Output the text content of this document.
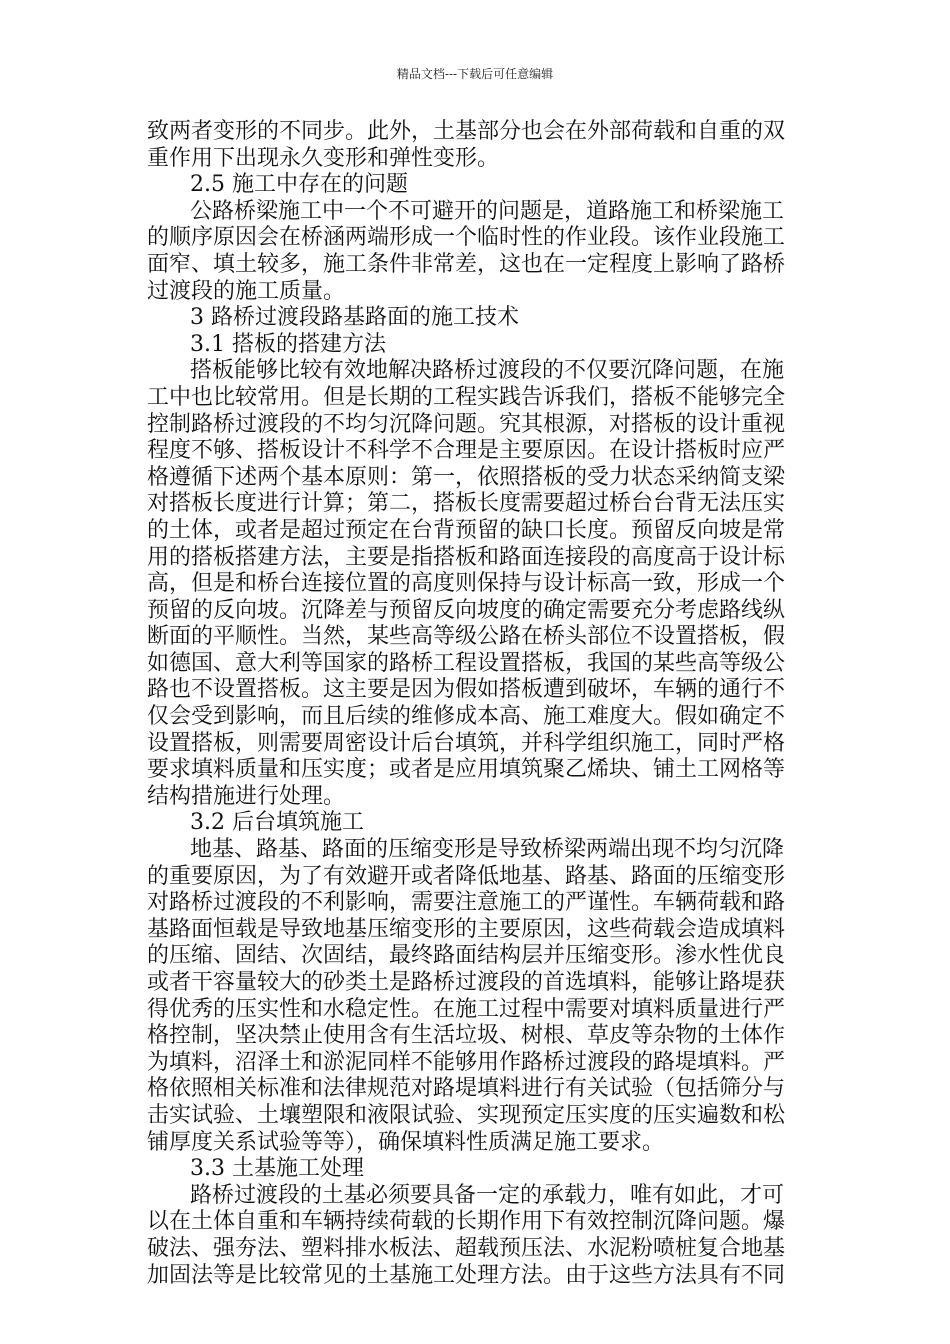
精品文档---下载后可任意编辑
致两者变形的不同步。此外，土基部分也会在外部荷载和自重的双
重作用下出现永久变形和弹性变形。
2.5 施工中存在的问题
公路桥梁施工中一个不可避开的问题是，道路施工和桥梁施工
的顺序原因会在桥涵两端形成一个临时性的作业段。该作业段施工
面窄、填土较多，施工条件非常差，这也在一定程度上影响了路桥
过渡段的施工质量。
3 路桥过渡段路基路面的施工技术
3.1 搭板的搭建方法
搭板能够比较有效地解决路桥过渡段的不仅要沉降问题，在施
工中也比较常用。但是长期的工程实践告诉我们，搭板不能够完全
控制路桥过渡段的不均匀沉降问题。究其根源，对搭板的设计重视
程度不够、搭板设计不科学不合理是主要原因。在设计搭板时应严
格遵循下述两个基本原则：第一，依照搭板的受力状态采纳简支梁
对搭板长度进行计算；第二，搭板长度需要超过桥台台背无法压实
的土体，或者是超过预定在台背预留的缺口长度。预留反向坡是常
用的搭板搭建方法，主要是指搭板和路面连接段的高度高于设计标
高，但是和桥台连接位置的高度则保持与设计标高一致，形成一个
预留的反向坡。沉降差与预留反向坡度的确定需要充分考虑路线纵
断面的平顺性。当然，某些高等级公路在桥头部位不设置搭板，假
如德国、意大利等国家的路桥工程设置搭板，我国的某些高等级公
路也不设置搭板。这主要是因为假如搭板遭到破坏，车辆的通行不
仅会受到影响，而且后续的维修成本高、施工难度大。假如确定不
设置搭板，则需要周密设计后台填筑，并科学组织施工，同时严格
要求填料质量和压实度；或者是应用填筑聚乙烯块、铺土工网格等
结构措施进行处理。
3.2 后台填筑施工
地基、路基、路面的压缩变形是导致桥梁两端出现不均匀沉降
的重要原因，为了有效避开或者降低地基、路基、路面的压缩变形
对路桥过渡段的不利影响，需要注意施工的严谨性。车辆荷载和路
基路面恒载是导致地基压缩变形的主要原因，这些荷载会造成填料
的压缩、固结、次固结，最终路面结构层并压缩变形。渗水性优良
或者干容量较大的砂类土是路桥过渡段的首选填料，能够让路堤获
得优秀的压实性和水稳定性。在施工过程中需要对填料质量进行严
格控制，坚决禁止使用含有生活垃圾、树根、草皮等杂物的土体作
为填料，沼泽土和淤泥同样不能够用作路桥过渡段的路堤填料。严
格依照相关标准和法律规范对路堤填料进行有关试验（包括筛分与
击实试验、土壤塑限和液限试验、实现预定压实度的压实遍数和松
铺厚度关系试验等等），确保填料性质满足施工要求。
3.3 土基施工处理
路桥过渡段的土基必须要具备一定的承载力，唯有如此，才可
以在土体自重和车辆持续荷载的长期作用下有效控制沉降问题。爆
破法、强夯法、塑料排水板法、超载预压法、水泥粉喷桩复合地基
加固法等是比较常见的土基施工处理方法。由于这些方法具有不同
